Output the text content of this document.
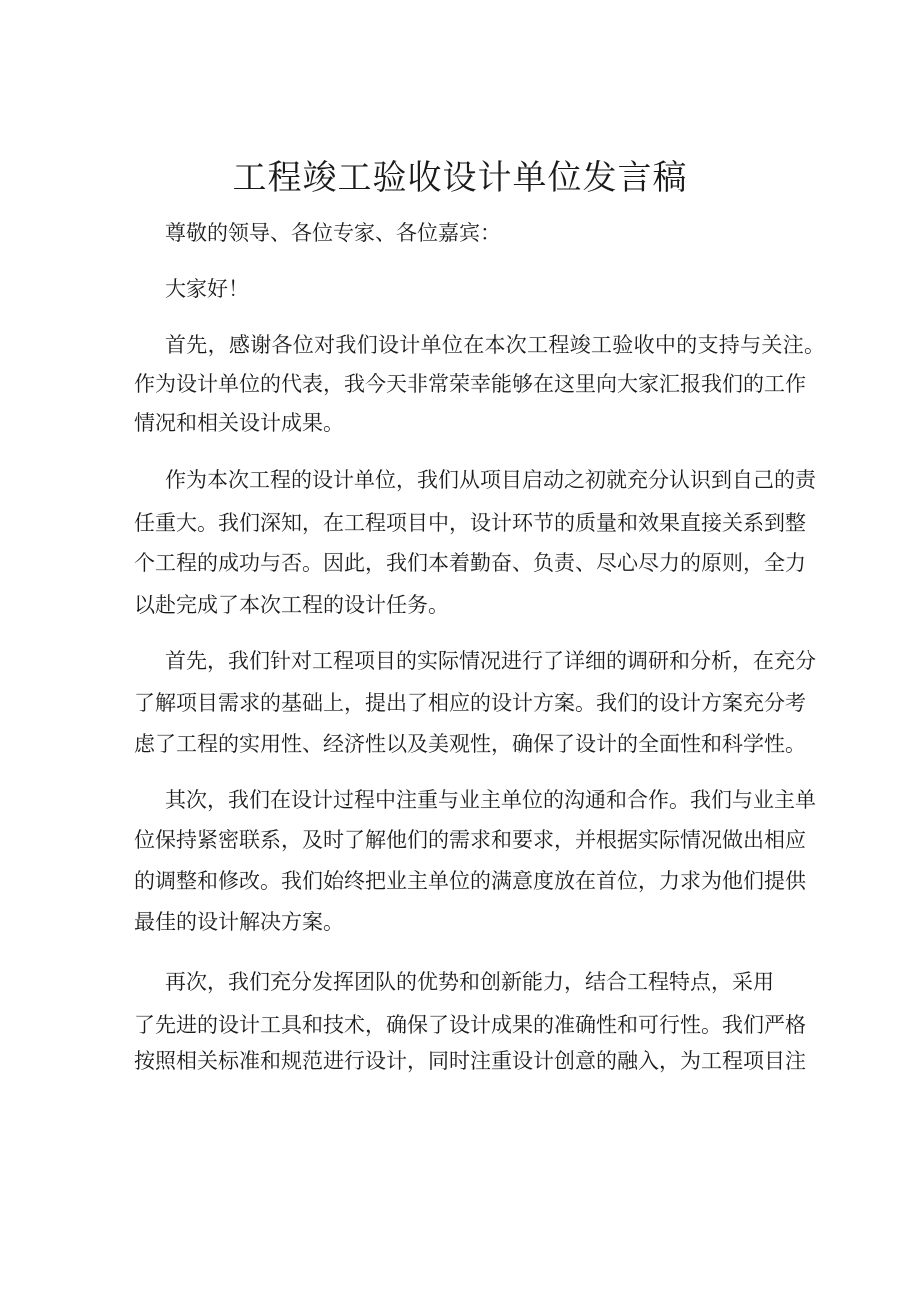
工程竣工验收设计单位发言稿

尊敬的领导、各位专家、各位嘉宾：

大家好！

首先，感谢各位对我们设计单位在本次工程竣工验收中的支持与关注。

作为设计单位的代表，我今天非常荣幸能够在这里向大家汇报我们的工作

情况和相关设计成果。

作为本次工程的设计单位，我们从项目启动之初就充分认识到自己的责

任重大。我们深知，在工程项目中，设计环节的质量和效果直接关系到整

个工程的成功与否。因此，我们本着勤奋、负责、尽心尽力的原则，全力

以赴完成了本次工程的设计任务。

首先，我们针对工程项目的实际情况进行了详细的调研和分析，在充分

了解项目需求的基础上，提出了相应的设计方案。我们的设计方案充分考

虑了工程的实用性、经济性以及美观性，确保了设计的全面性和科学性。

其次，我们在设计过程中注重与业主单位的沟通和合作。我们与业主单

位保持紧密联系，及时了解他们的需求和要求，并根据实际情况做出相应

的调整和修改。我们始终把业主单位的满意度放在首位，力求为他们提供

最佳的设计解决方案。

再次，我们充分发挥团队的优势和创新能力，结合工程特点，采用

了先进的设计工具和技术，确保了设计成果的准确性和可行性。我们严格

按照相关标准和规范进行设计，同时注重设计创意的融入，为工程项目注
